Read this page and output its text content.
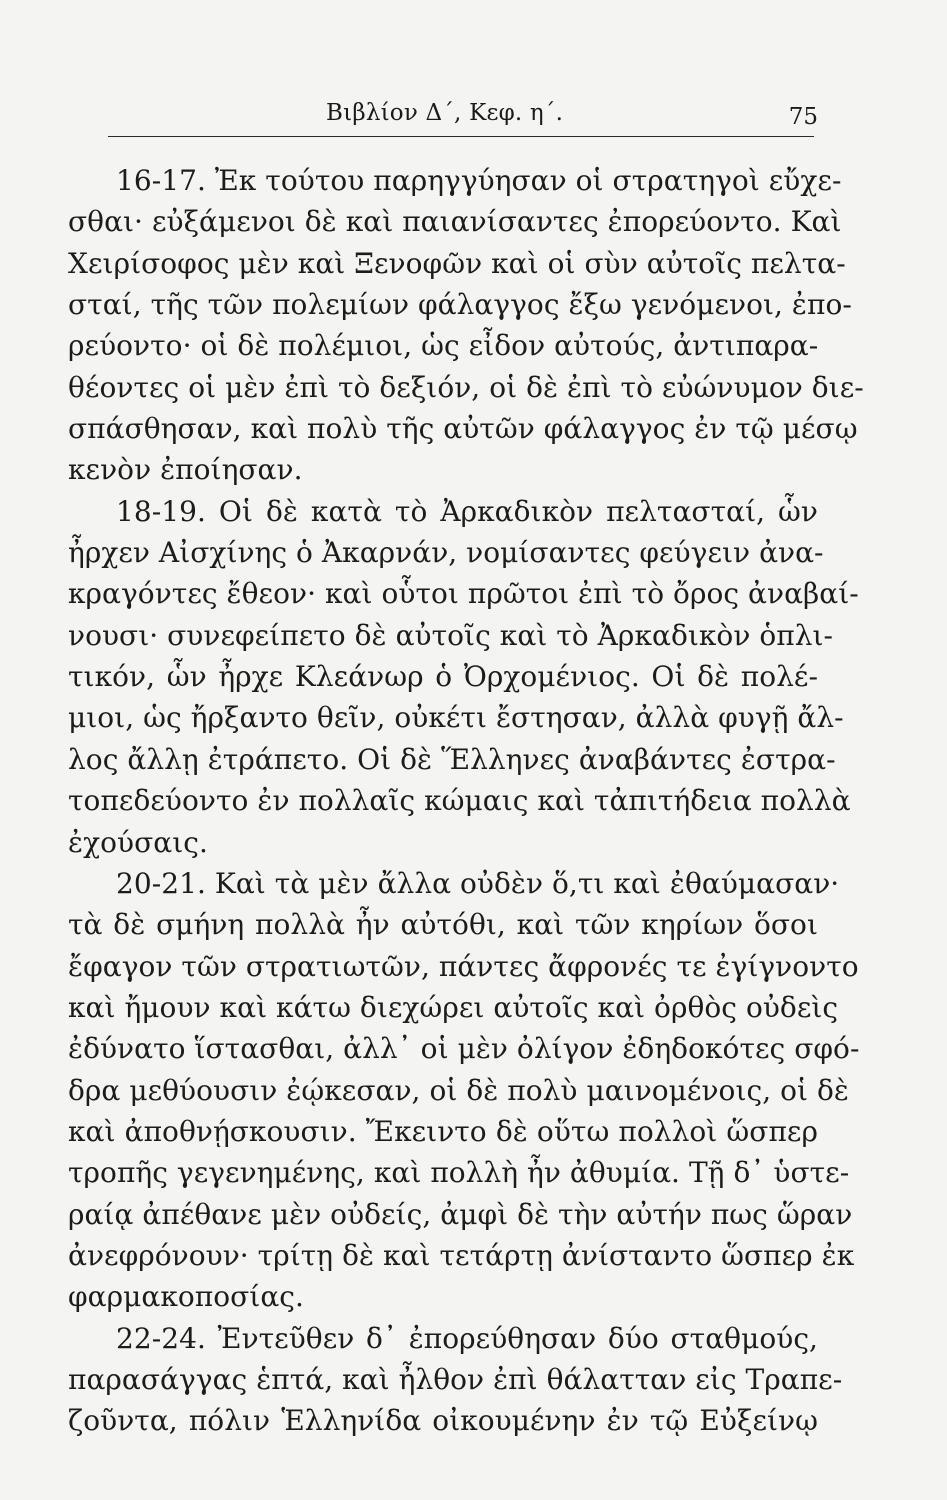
Βιβλίον Δ΄, Κεφ. η΄.	75
16-17. Ἐκ τούτου παρηγγύησαν οἱ στρατηγοὶ εὔχε-
σθαι· εὐξάμενοι δὲ καὶ παιανίσαντες ἐπορεύοντο. Καὶ
Χειρίσοφος μὲν καὶ Ξενοφῶν καὶ οἱ σὺν αὐτοῖς πελτα-
σταί, τῆς τῶν πολεμίων φάλαγγος ἔξω γενόμενοι, ἐπο-
ρεύοντο· οἱ δὲ πολέμιοι, ὡς εἶδον αὐτούς, ἀντιπαρα-
θέοντες οἱ μὲν ἐπὶ τὸ δεξιόν, οἱ δὲ ἐπὶ τὸ εὐώνυμον διε-
σπάσθησαν, καὶ πολὺ τῆς αὐτῶν φάλαγγος ἐν τῷ μέσῳ
κενὸν ἐποίησαν.
18-19. Οἱ δὲ κατὰ τὸ Ἀρκαδικὸν πελτασταί, ὧν
ἦρχεν Αἰσχίνης ὁ Ἀκαρνάν, νομίσαντες φεύγειν ἀνα-
κραγόντες ἔθεον· καὶ οὗτοι πρῶτοι ἐπὶ τὸ ὄρος ἀναβαί-
νουσι· συνεφείπετο δὲ αὐτοῖς καὶ τὸ Ἀρκαδικὸν ὁπλι-
τικόν, ὧν ἦρχε Κλεάνωρ ὁ Ὀρχομένιος. Οἱ δὲ πολέ-
μιοι, ὡς ἤρξαντο θεῖν, οὐκέτι ἔστησαν, ἀλλὰ φυγῇ ἄλ-
λος ἄλλῃ ἐτράπετο. Οἱ δὲ Ἕλληνες ἀναβάντες ἐστρα-
τοπεδεύοντο ἐν πολλαῖς κώμαις καὶ τἀπιτήδεια πολλὰ
ἐχούσαις.
20-21. Καὶ τὰ μὲν ἄλλα οὐδὲν ὅ,τι καὶ ἐθαύμασαν·
τὰ δὲ σμήνη πολλὰ ἦν αὐτόθι, καὶ τῶν κηρίων ὅσοι
ἔφαγον τῶν στρατιωτῶν, πάντες ἄφρονές τε ἐγίγνοντο
καὶ ἤμουν καὶ κάτω διεχώρει αὐτοῖς καὶ ὀρθὸς οὐδεὶς
ἐδύνατο ἵστασθαι, ἀλλ᾽ οἱ μὲν ὀλίγον ἐδηδοκότες σφό-
δρα μεθύουσιν ἐῴκεσαν, οἱ δὲ πολὺ μαινομένοις, οἱ δὲ
καὶ ἀποθνῄσκουσιν. Ἔκειντο δὲ οὕτω πολλοὶ ὥσπερ
τροπῆς γεγενημένης, καὶ πολλὴ ἦν ἀθυμία. Τῇ δ᾽ ὑστε-
ραίᾳ ἀπέθανε μὲν οὐδείς, ἀμφὶ δὲ τὴν αὐτήν πως ὥραν
ἀνεφρόνουν· τρίτῃ δὲ καὶ τετάρτῃ ἀνίσταντο ὥσπερ ἐκ
φαρμακοποσίας.
22-24. Ἐντεῦθεν δ᾽ ἐπορεύθησαν δύο σταθμούς,
παρασάγγας ἑπτά, καὶ ἦλθον ἐπὶ θάλατταν εἰς Τραπε-
ζοῦντα, πόλιν Ἑλληνίδα οἰκουμένην ἐν τῷ Εὐξείνῳ
